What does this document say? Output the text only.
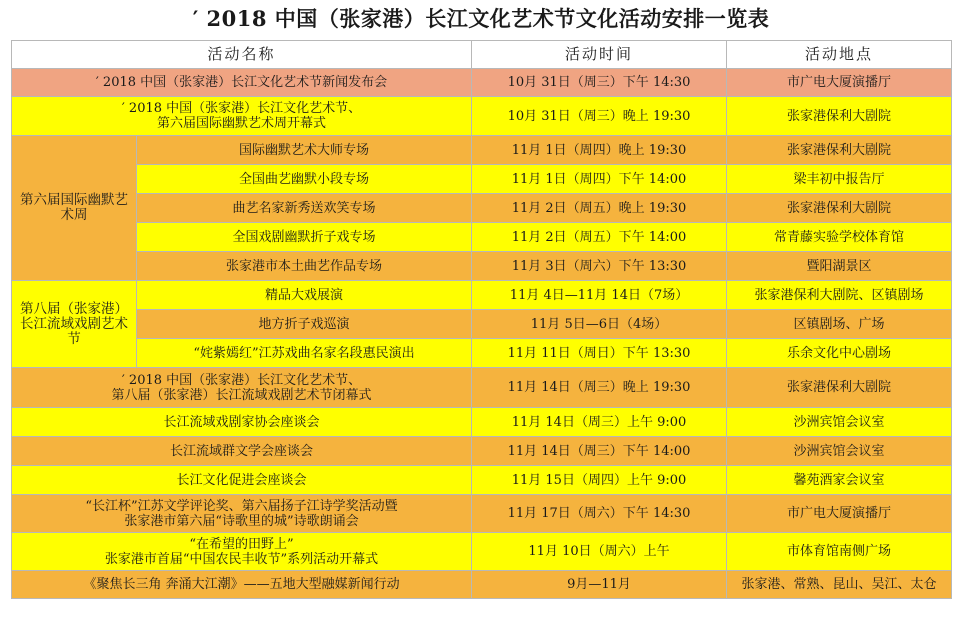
′ 2018 中国（张家港）长江文化艺术节文化活动安排一览表
活动名称		活动时间	活动地点
′ 2018 中国（张家港）长江文化艺术节新闻发布会		10月 31日（周三）下午 14:30	市广电大厦演播厅

′ 2018 中国（张家港）长江文化艺术节、
第六届国际幽默艺术周开幕式		10月 31日（周三）晚上 19:30	张家港保利大剧院
第六届国际幽默艺术周	国际幽默艺术大师专场	11月 1日（周四）晚上 19:30	张家港保利大剧院
	全国曲艺幽默小段专场	11月 1日（周四）下午 14:00	梁丰初中报告厅
	曲艺名家新秀送欢笑专场	11月 2日（周五）晚上 19:30	张家港保利大剧院
	全国戏剧幽默折子戏专场	11月 2日（周五）下午 14:00	常青藤实验学校体育馆
	张家港市本土曲艺作品专场	11月 3日（周六）下午 13:30	暨阳湖景区
第八届（张家港）长江流域戏剧艺术节	精品大戏展演	11月 4日—11月 14日（7场）	张家港保利大剧院、区镇剧场
	地方折子戏巡演	11月 5日—6日（4场）	区镇剧场、广场
	“姹紫嫣红”江苏戏曲名家名段惠民演出	11月 11日（周日）下午 13:30	乐余文化中心剧场

′ 2018 中国（张家港）长江文化艺术节、
第八届（张家港）长江流域戏剧艺术节闭幕式		11月 14日（周三）晚上 19:30	张家港保利大剧院
长江流域戏剧家协会座谈会		11月 14日（周三）上午 9:00	沙洲宾馆会议室
长江流域群文学会座谈会		11月 14日（周三）下午 14:00	沙洲宾馆会议室
长江文化促进会座谈会		11月 15日（周四）上午 9:00	馨苑酒家会议室

“长江杯”江苏文学评论奖、第六届扬子江诗学奖活动暨
张家港市第六届“诗歌里的城”诗歌朗诵会		11月 17日（周六）下午 14:30	市广电大厦演播厅

“在希望的田野上”
张家港市首届“中国农民丰收节”系列活动开幕式		11月 10日（周六）上午	市体育馆南侧广场
《聚焦长三角 奔涌大江潮》——五地大型融媒新闻行动		9月—11月	张家港、常熟、昆山、吴江、太仓
